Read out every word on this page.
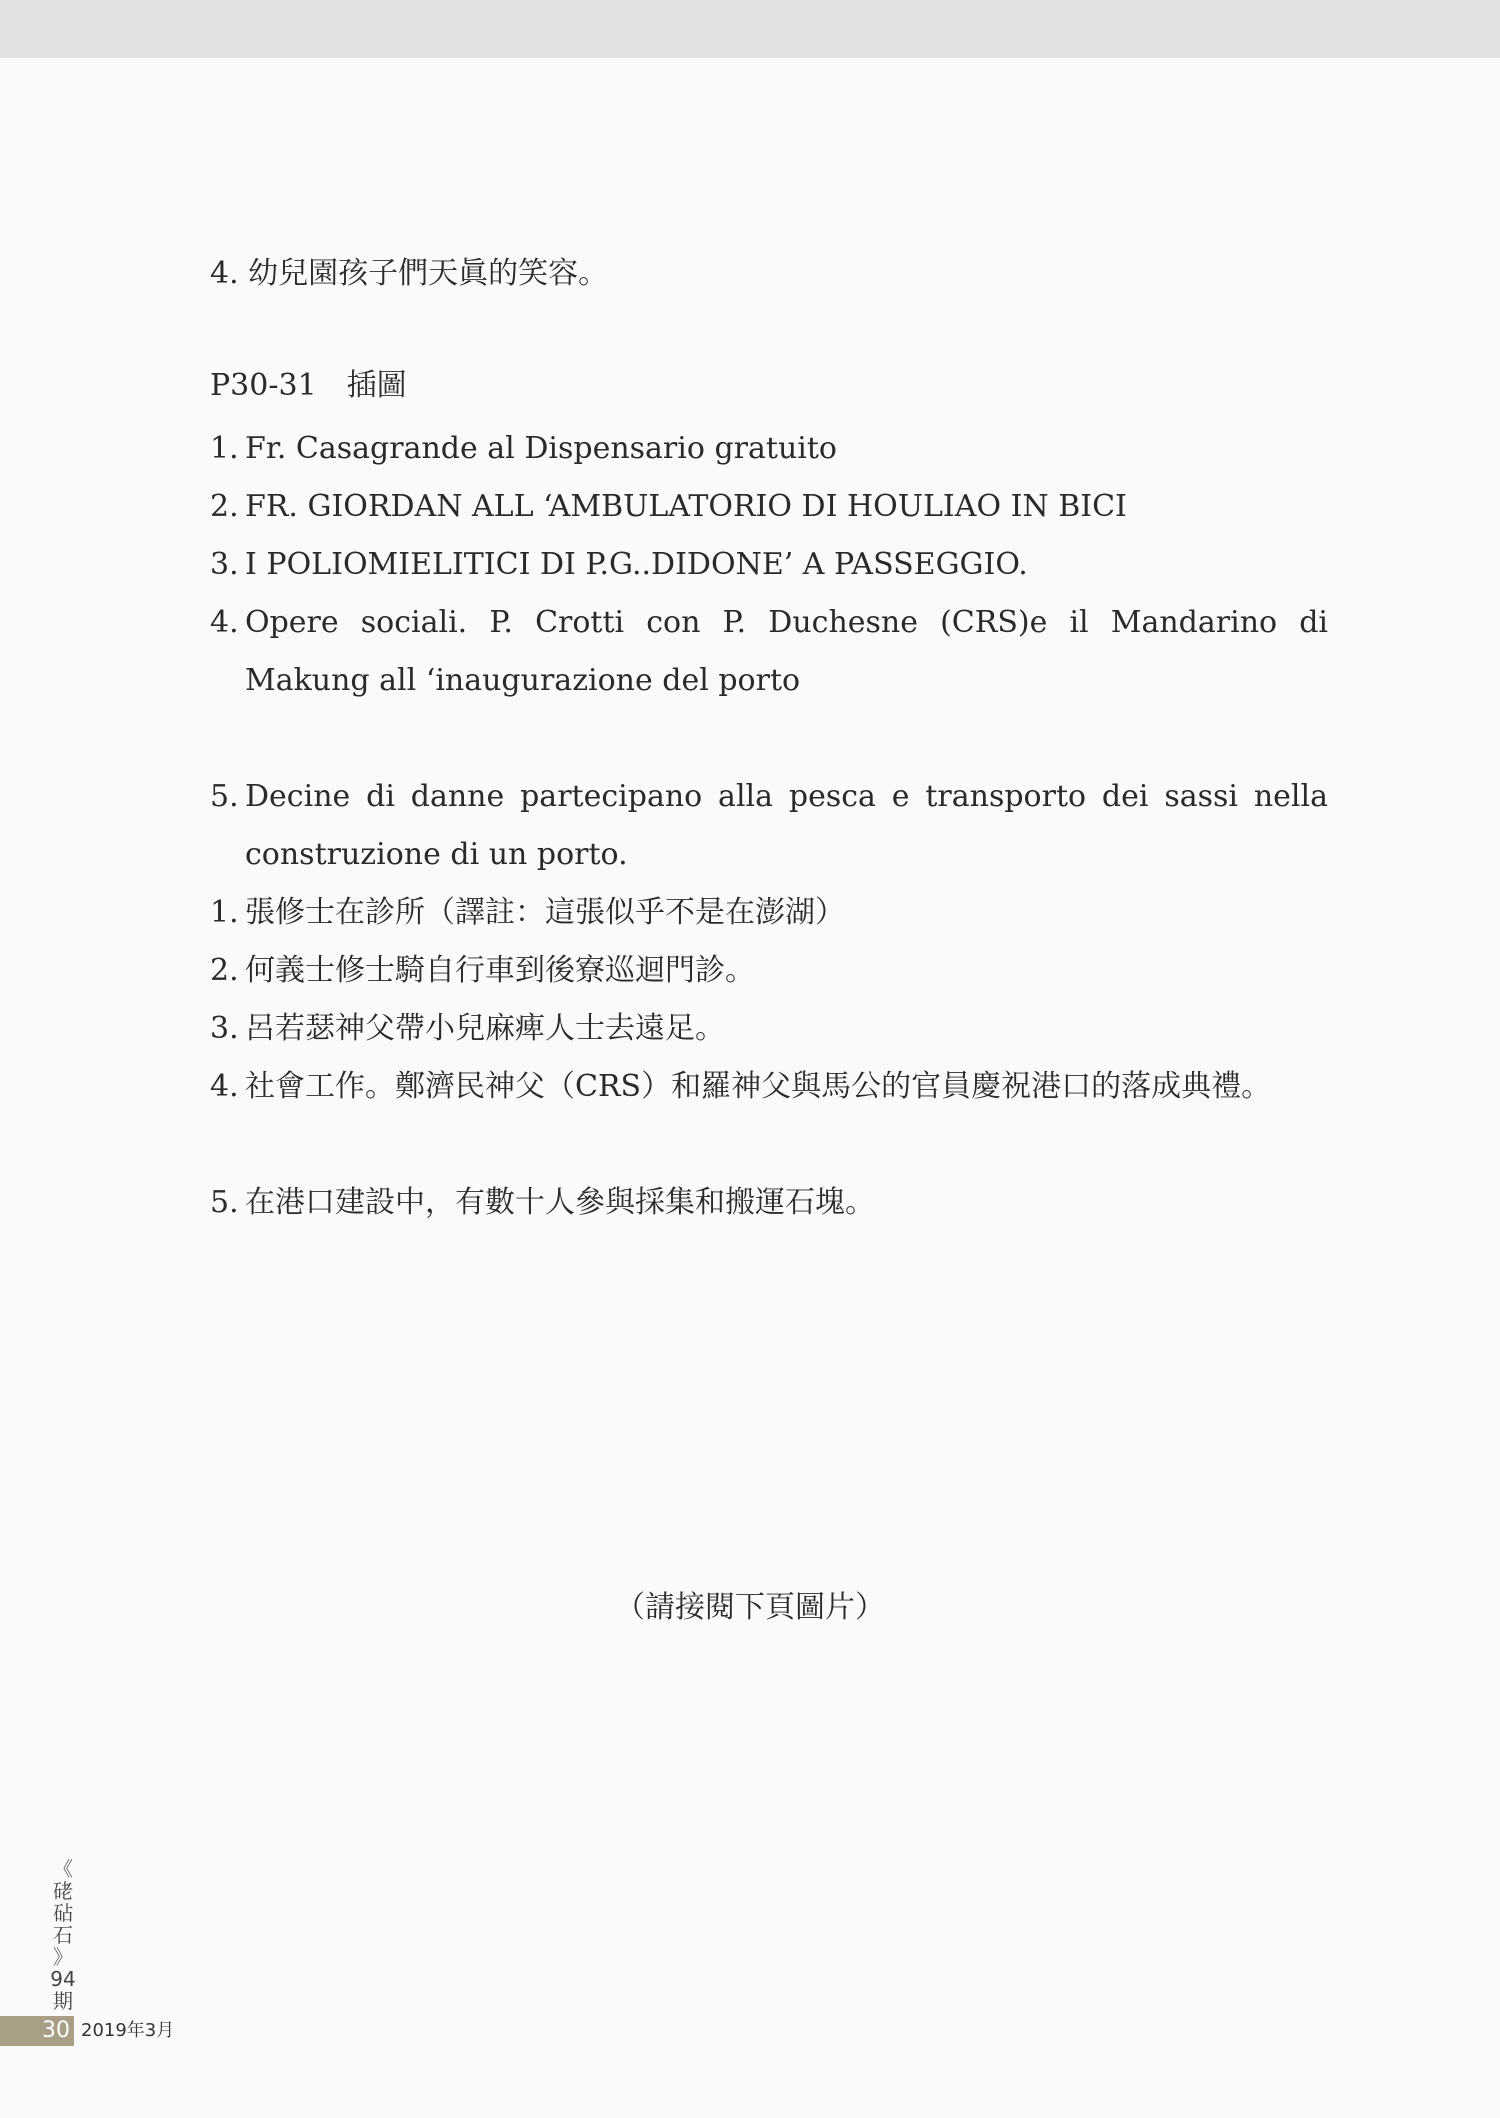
4. 幼兒園孩子們天眞的笑容。
P30-31　插圖
1. Fr. Casagrande al Dispensario gratuito
2. FR. GIORDAN ALL ‘AMBULATORIO DI HOULIAO IN BICI
3. I POLIOMIELITICI DI P.G..DIDONE’ A PASSEGGIO.
4. Opere sociali. P. Crotti con P. Duchesne (CRS)e il Mandarino di Makung all ‘inaugurazione del porto
5. Decine di danne partecipano alla pesca e transporto dei sassi nella construzione di un porto.
1. 張修士在診所（譯註：這張似乎不是在澎湖）
2. 何義士修士騎自行車到後寮巡迴門診。
3. 呂若瑟神父帶小兒麻痺人士去遠足。
4. 社會工作。鄭濟民神父（CRS）和羅神父與馬公的官員慶祝港口的落成典禮。
5. 在港口建設中，有數十人參與採集和搬運石塊。
（請接閱下頁圖片）
《
硓
砧
石
》
94
期
30 2019年3月
